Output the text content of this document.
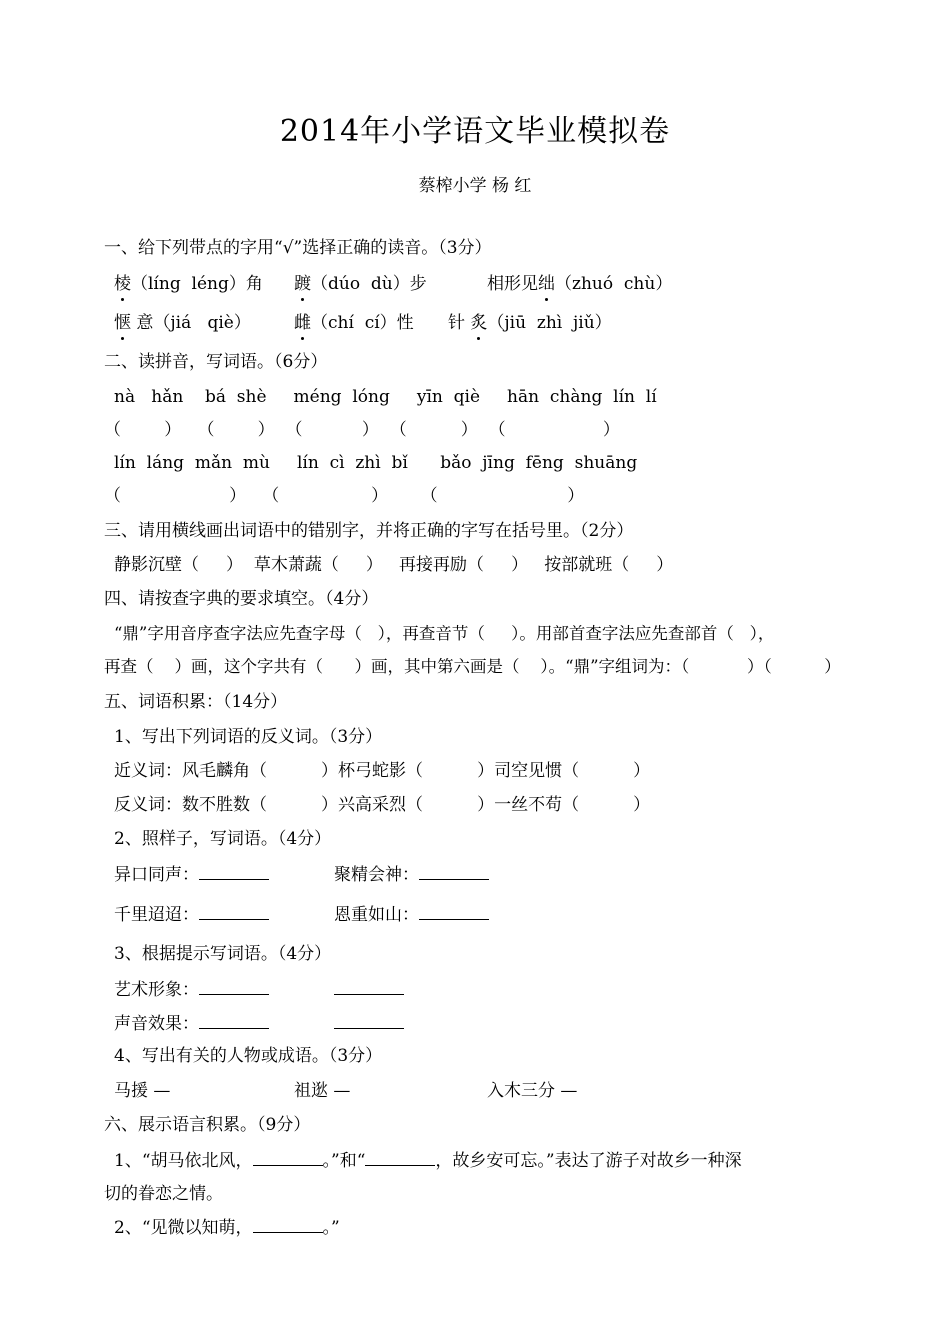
2014年小学语文毕业模拟卷
蔡榨小学 杨 红
一、给下列带点的字用“√”选择正确的读音。（3分）
棱（líng  léng）角 踱（dúo  dù）步	相形见绌（zhuó  chù）
惬 意（jiá   qiè）	雌（chí  cí）性 针 炙（jiū  zhì  jiǔ）
二、读拼音，写词语。（6分）
nà   hǎn    bá  shè     méng  lóng     yīn  qiè     hān  chàng  lín  lí
（        ）   （        ）  （           ）  （          ）  （                  ）
lín  láng  mǎn  mù     lín  cì  zhì  bǐ      bǎo  jīng  fēng  shuāng
（                    ）   （                 ）      （                        ）
三、请用横线画出词语中的错别字，并将正确的字写在括号里。（2分）
静影沉壁（     ）  草木萧蔬（     ）   再接再励（     ）   按部就班（     ）
四、请按查字典的要求填空。（4分）
“鼎”字用音序查字法应先查字母（   ），再查音节（     ）。用部首查字法应先查部首（   ），
再查（    ）画，这个字共有（      ）画，其中第六画是（    ）。“鼎”字组词为：（           ）（          ）
五、词语积累：（14分）
1、写出下列词语的反义词。（3分）
近义词：风毛麟角（          ）杯弓蛇影（          ）司空见惯（          ）
反义词：数不胜数（          ）兴高采烈（          ）一丝不苟（          ）
2、照样子，写词语。（4分）
异口同声：	聚精会神：
千里迢迢：	恩重如山：
3、根据提示写词语。（4分）
艺术形象：
声音效果：
4、写出有关的人物或成语。（3分）
马援 —	祖逖 —	入木三分 —
六、展示语言积累。（9分）
1、“胡马依北风，	。”和“	，故乡安可忘。”表达了游子对故乡一种深
切的眷恋之情。
2、“见微以知萌，	。”
